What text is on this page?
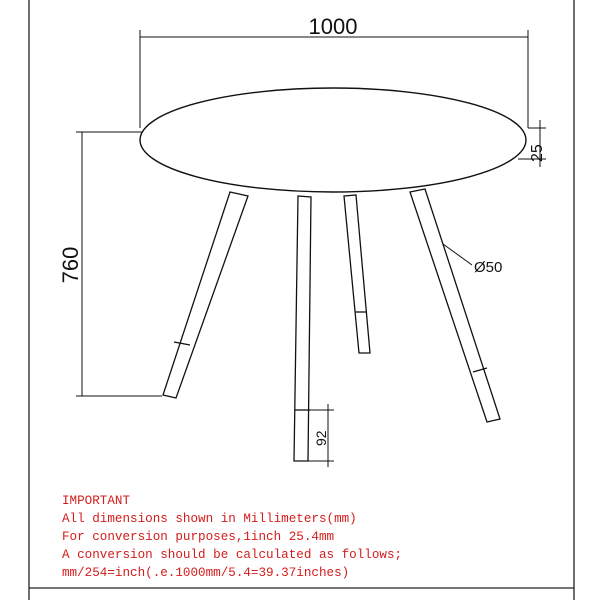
1000
25
760	Ø50
92
IMPORTANT
All dimensions shown in Millimeters(mm)
For conversion purposes,1inch 25.4mm
A conversion should be calculated as follows;
mm/254=inch(.e.1000mm/5.4=39.37inches)
